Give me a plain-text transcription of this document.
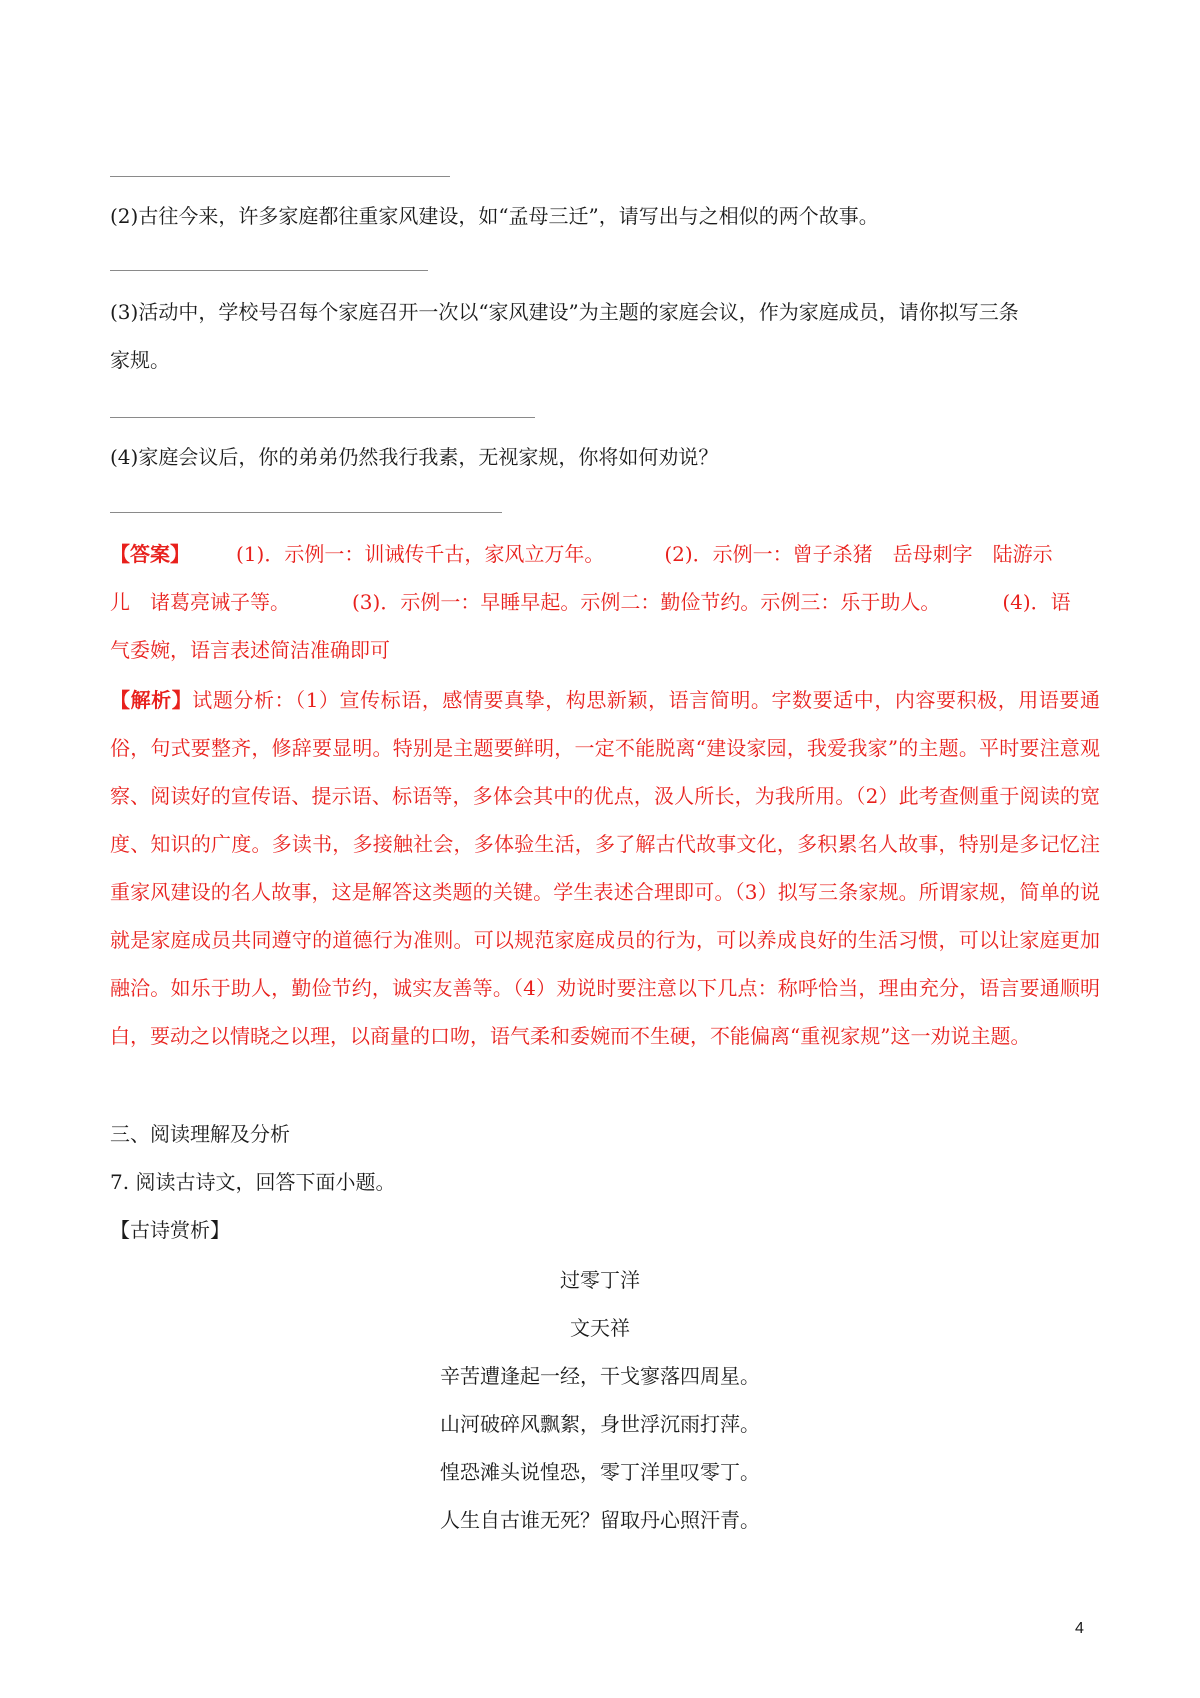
(2)古往今来，许多家庭都往重家风建设，如“孟母三迁”，请写出与之相似的两个故事。
(3)活动中，学校号召每个家庭召开一次以“家风建设”为主题的家庭会议，作为家庭成员，请你拟写三条
家规。
(4)家庭会议后，你的弟弟仍然我行我素，无视家规，你将如何劝说？
【答案】 (1)．示例一：训诫传千古，家风立万年。	(2)．示例一：曾子杀猪　岳母刺字　陆游示
儿　诸葛亮诫子等。	(3)．示例一：早睡早起。示例二：勤俭节约。示例三：乐于助人。	(4)．语
气委婉，语言表述简洁准确即可
【解析】试题分析：（1）宣传标语，感情要真挚，构思新颖，语言简明。字数要适中，内容要积极，用语要通俗，句式要整齐，修辞要显明。特别是主题要鲜明，一定不能脱离“建设家园，我爱我家”的主题。平时要注意观察、阅读好的宣传语、提示语、标语等，多体会其中的优点，汲人所长，为我所用。（2）此考查侧重于阅读的宽度、知识的广度。多读书，多接触社会，多体验生活，多了解古代故事文化，多积累名人故事，特别是多记忆注重家风建设的名人故事，这是解答这类题的关键。学生表述合理即可。（3）拟写三条家规。所谓家规，简单的说就是家庭成员共同遵守的道德行为准则。可以规范家庭成员的行为，可以养成良好的生活习惯，可以让家庭更加融洽。如乐于助人，勤俭节约，诚实友善等。（4）劝说时要注意以下几点：称呼恰当，理由充分，语言要通顺明白，要动之以情晓之以理，以商量的口吻，语气柔和委婉而不生硬，不能偏离“重视家规”这一劝说主题。
三、阅读理解及分析
7. 阅读古诗文，回答下面小题。
【古诗赏析】
过零丁洋
文天祥
辛苦遭逢起一经，干戈寥落四周星。
山河破碎风飘絮，身世浮沉雨打萍。
惶恐滩头说惶恐，零丁洋里叹零丁。
人生自古谁无死？留取丹心照汗青。
4
